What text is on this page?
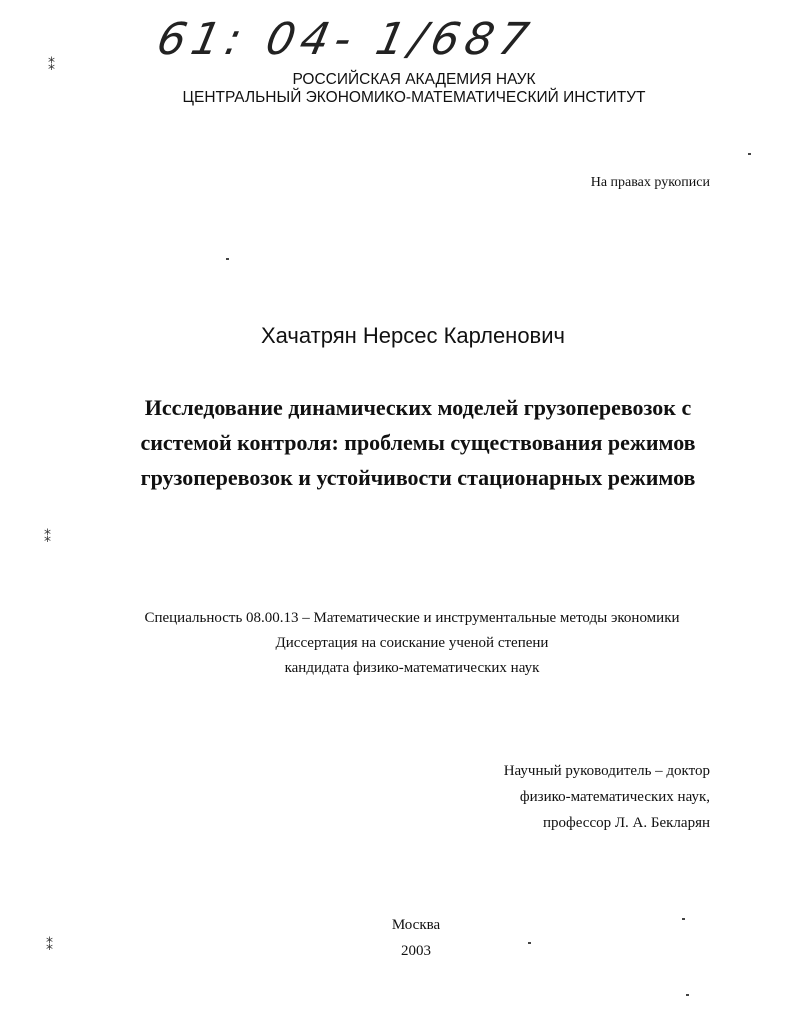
61: 04- 1/687
РОССИЙСКАЯ АКАДЕМИЯ НАУК
ЦЕНТРАЛЬНЫЙ ЭКОНОМИКО-МАТЕМАТИЧЕСКИЙ ИНСТИТУТ
На правах рукописи
Хачатрян Нерсес Карленович
Исследование динамических моделей грузоперевозок с
системой контроля: проблемы существования режимов
грузоперевозок и устойчивости стационарных режимов
Специальность 08.00.13 – Математические и инструментальные методы экономики
Диссертация на соискание ученой степени
кандидата физико-математических наук
Научный руководитель – доктор
физико-математических наук,
профессор Л. А. Бекларян
Москва
2003
⁑
⁑
⁑
